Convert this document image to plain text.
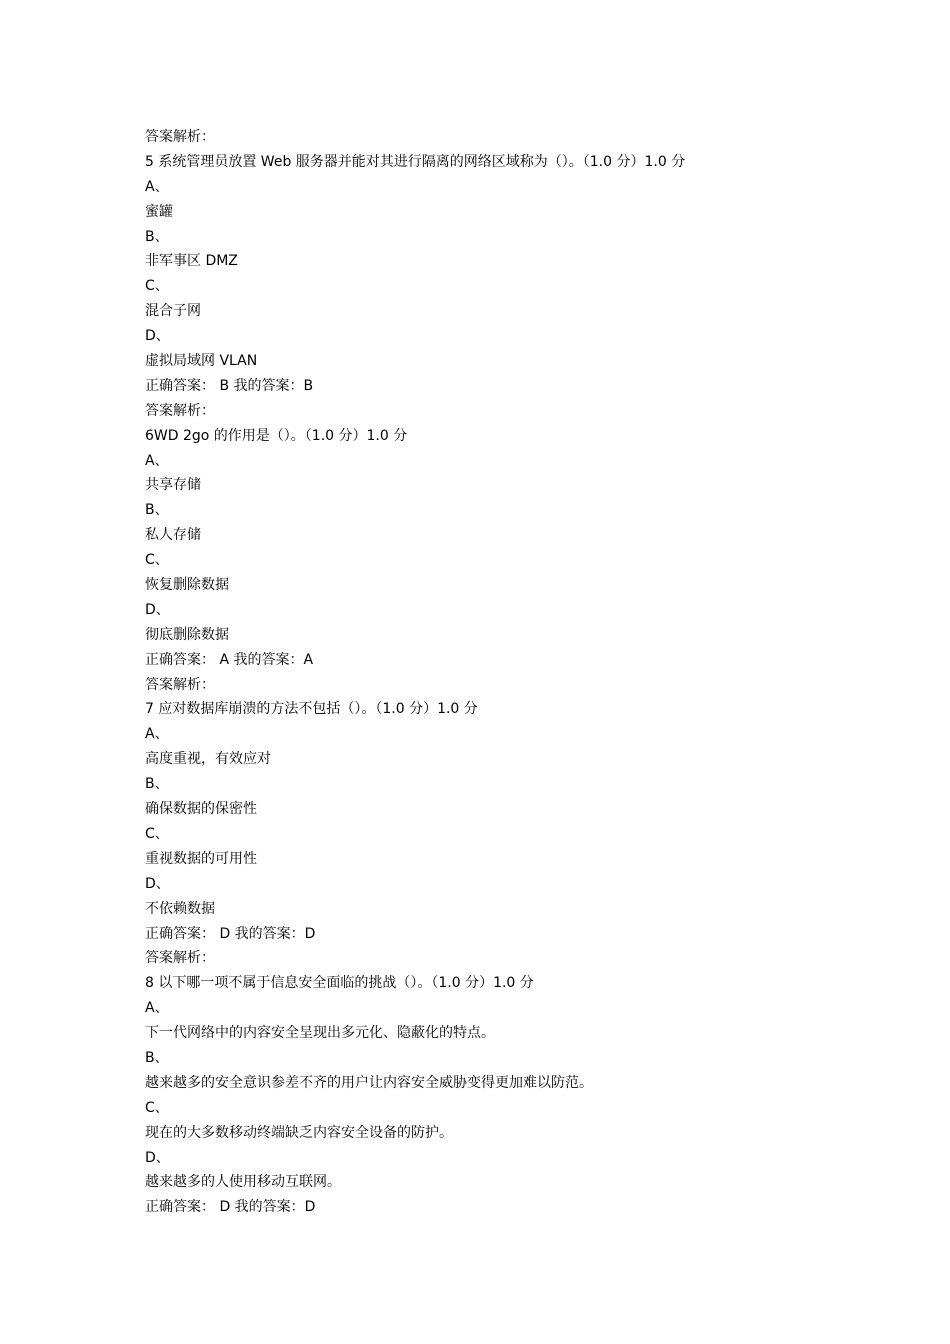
答案解析：
5 系统管理员放置 Web 服务器并能对其进行隔离的网络区域称为（）。（1.0 分）1.0 分
A、
蜜罐
B、
非军事区 DMZ
C、
混合子网
D、
虚拟局域网 VLAN
正确答案： B 我的答案：B
答案解析：
6WD 2go 的作用是（）。（1.0 分）1.0 分
A、
共享存储
B、
私人存储
C、
恢复删除数据
D、
彻底删除数据
正确答案： A 我的答案：A
答案解析：
7 应对数据库崩溃的方法不包括（）。（1.0 分）1.0 分
A、
高度重视，有效应对
B、
确保数据的保密性
C、
重视数据的可用性
D、
不依赖数据
正确答案： D 我的答案：D
答案解析：
8 以下哪一项不属于信息安全面临的挑战（）。（1.0 分）1.0 分
A、
下一代网络中的内容安全呈现出多元化、隐蔽化的特点。
B、
越来越多的安全意识参差不齐的用户让内容安全威胁变得更加难以防范。
C、
现在的大多数移动终端缺乏内容安全设备的防护。
D、
越来越多的人使用移动互联网。
正确答案： D 我的答案：D
